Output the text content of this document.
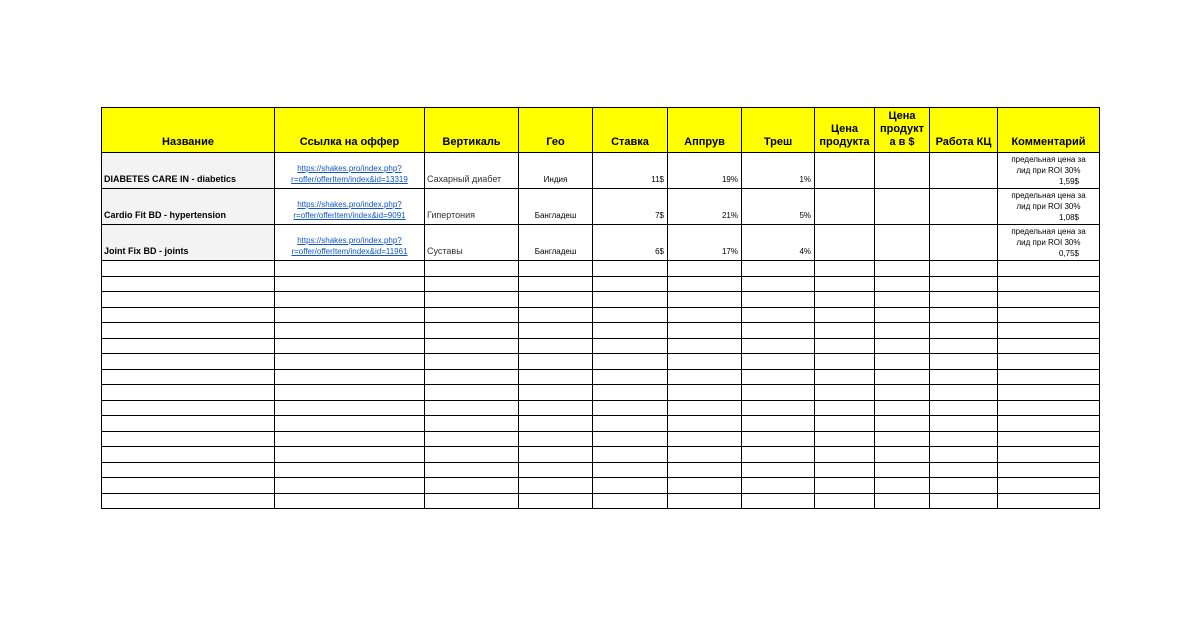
Название	Ссылка на оффер	Вертикаль	Гео	Ставка	Аппрув	Треш	Цена продукта	Цена продукт а в $	Работа КЦ	Комментарий
DIABETES CARE IN - diabetics	https://shakes.pro/index.php?
r=offer/offerItem/index&id=13319	Сахарный диабет	Индия	11$	19%	1%				предельная цена за
лид при ROI 30%
1,59$

Cardio Fit BD - hypertension	https://shakes.pro/index.php?
r=offer/offerItem/index&id=9091	Гипертония	Бангладеш	7$	21%	5%				предельная цена за
лид при ROI 30%
1,08$

Joint Fix BD - joints	https://shakes.pro/index.php?
r=offer/offerItem/index&id=11961	Суставы	Бангладеш	6$	17%	4%				предельная цена за
лид при ROI 30%
0,75$
